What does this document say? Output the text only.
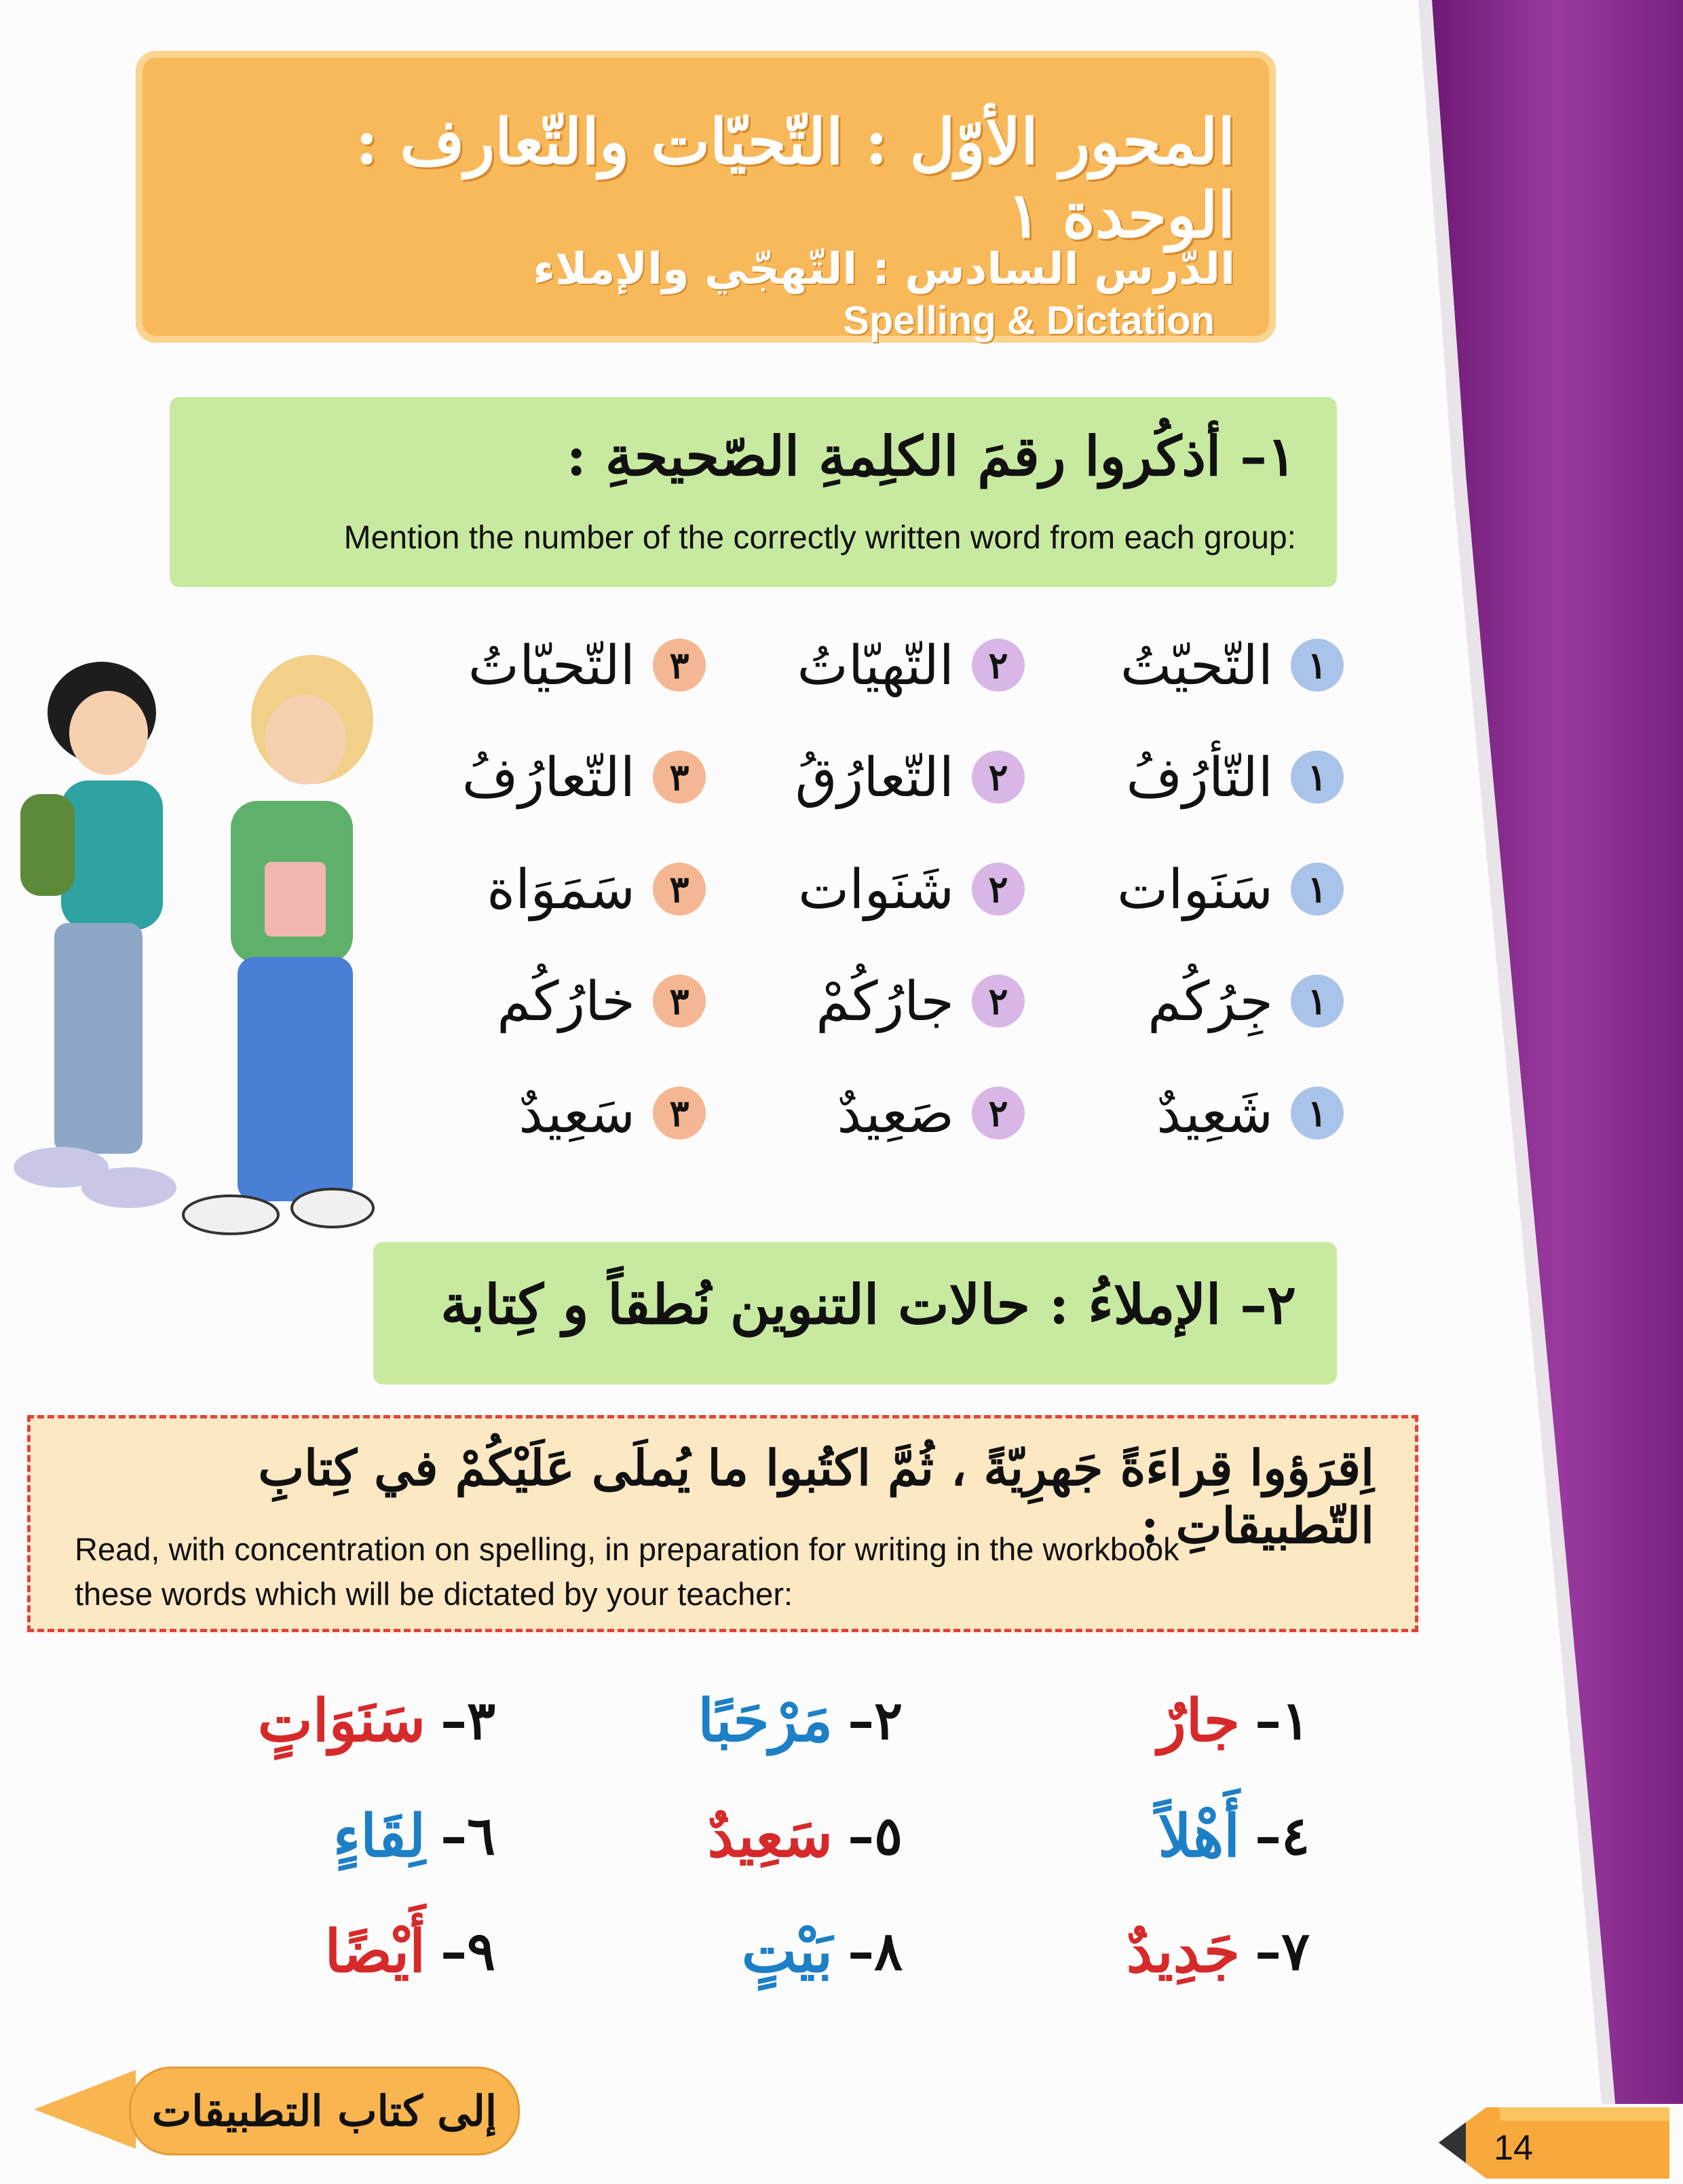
المحور الأوّل : التّحيّات والتّعارف : الوحدة ١
الدّرس السادس : التّهجّي والإملاء Spelling & Dictation
١– أذكُروا رقمَ الكلِمةِ الصّحيحةِ :
Mention the number of the correctly written word from each group:
١
التّحيّتُ
٢
التّهيّاتُ
٣
التّحيّاتُ
١
التّأرُفُ
٢
التّعارُقُ
٣
التّعارُفُ
١
سَنَوات
٢
شَنَوات
٣
سَمَوَاة
١
جِرُكُم
٢
جارُكُمْ
٣
خارُكُم
١
شَعِيدٌ
٢
صَعِيدٌ
٣
سَعِيدٌ
٢– الإملاءُ : حالات التنوين نُطقاً و كِتابة
اِقرَؤوا قِراءَةً جَهرِيّةً ، ثُمَّ اكتُبوا ما يُملَى عَلَيْكُمْ في كِتابِ التّطبيقاتِ :
Read, with concentration on spelling, in preparation for writing in the workbook
these words which will be dictated by your teacher:
١–
جارٌ
٢–
مَرْحَبًا
٣–
سَنَوَاتٍ
٤–
أَهْلاً
٥–
سَعِيدٌ
٦–
لِقَاءٍ
٧–
جَدِيدٌ
٨–
بَيْتٍ
٩–
أَيْضًا
إلى كتاب التطبيقات
14
